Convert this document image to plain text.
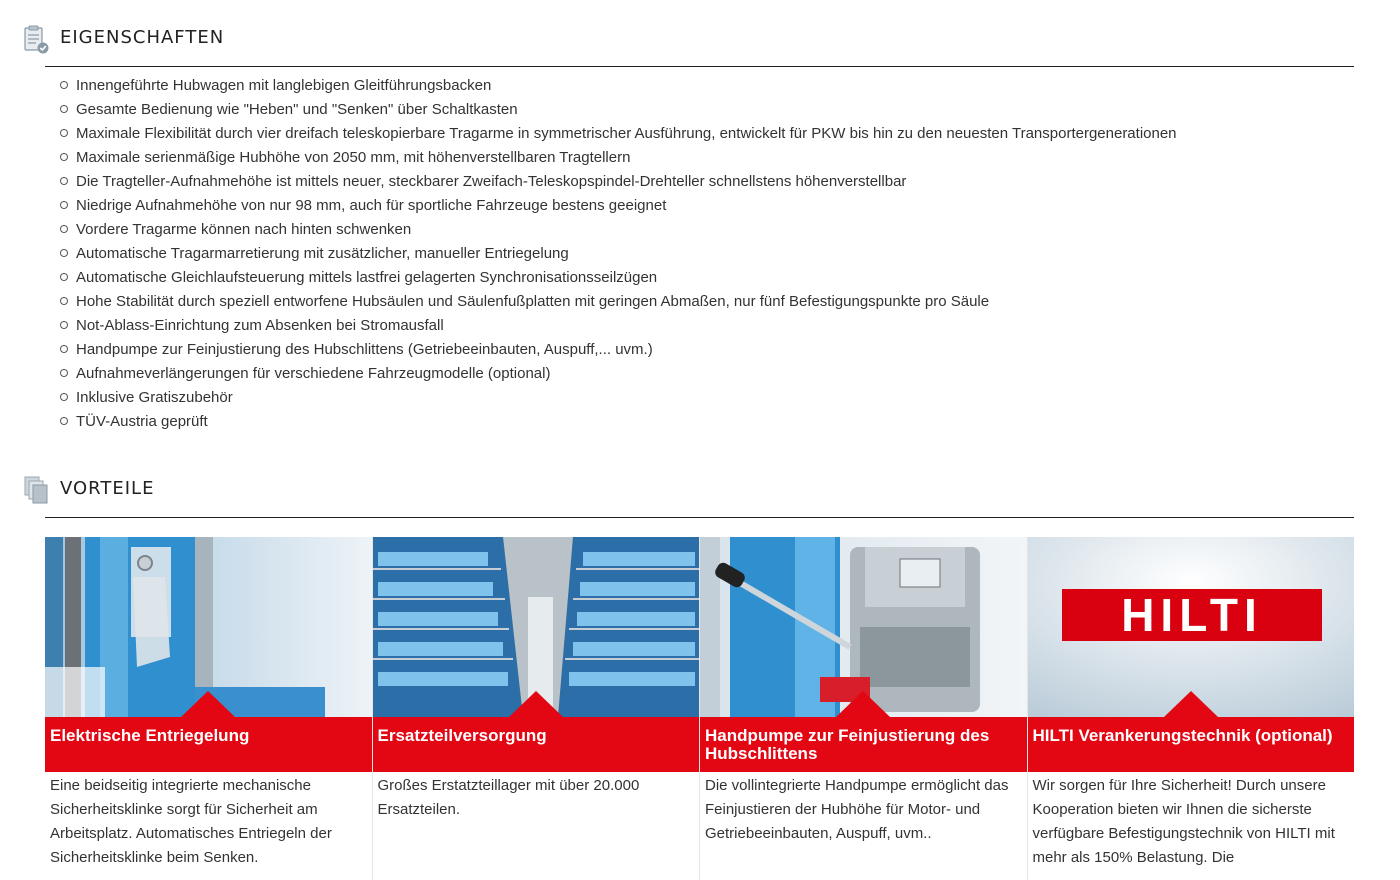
EIGENSCHAFTEN
Innengeführte Hubwagen mit langlebigen Gleitführungsbacken
Gesamte Bedienung wie "Heben" und "Senken" über Schaltkasten
Maximale Flexibilität durch vier dreifach teleskopierbare Tragarme in symmetrischer Ausführung, entwickelt für PKW bis hin zu den neuesten Transportergenerationen
Maximale serienmäßige Hubhöhe von 2050 mm, mit höhenverstellbaren Tragtellern
Die Tragteller-Aufnahmehöhe ist mittels neuer, steckbarer Zweifach-Teleskopspindel-Drehteller schnellstens höhenverstellbar
Niedrige Aufnahmehöhe von nur 98 mm, auch für sportliche Fahrzeuge bestens geeignet
Vordere Tragarme können nach hinten schwenken
Automatische Tragarmarretierung mit zusätzlicher, manueller Entriegelung
Automatische Gleichlaufsteuerung mittels lastfrei gelagerten Synchronisationsseilzügen
Hohe Stabilität durch speziell entworfene Hubsäulen und Säulenfußplatten mit geringen Abmaßen, nur fünf Befestigungspunkte pro Säule
Not-Ablass-Einrichtung zum Absenken bei Stromausfall
Handpumpe zur Feinjustierung des Hubschlittens (Getriebeeinbauten, Auspuff,... uvm.)
Aufnahmeverlängerungen für verschiedene Fahrzeugmodelle (optional)
Inklusive Gratiszubehör
TÜV-Austria geprüft
VORTEILE
Elektrische Entriegelung

Eine beidseitig integrierte mechanische Sicherheitsklinke sorgt für Sicherheit am Arbeitsplatz. Automatisches Entriegeln der Sicherheitsklinke beim Senken.

Ersatzteilversorgung

Großes Erstatzteillager mit über 20.000 Ersatzteilen.

Handpumpe zur Feinjustierung des Hubschlittens

Die vollintegrierte Handpumpe ermöglicht das Feinjustieren der Hubhöhe für Motor- und Getriebeeinbauten, Auspuff, uvm..

HILTI
HILTI Verankerungstechnik (optional)

Wir sorgen für Ihre Sicherheit! Durch unsere Kooperation bieten wir Ihnen die sicherste verfügbare Befestigungstechnik von HILTI mit mehr als 150% Belastung. Die
